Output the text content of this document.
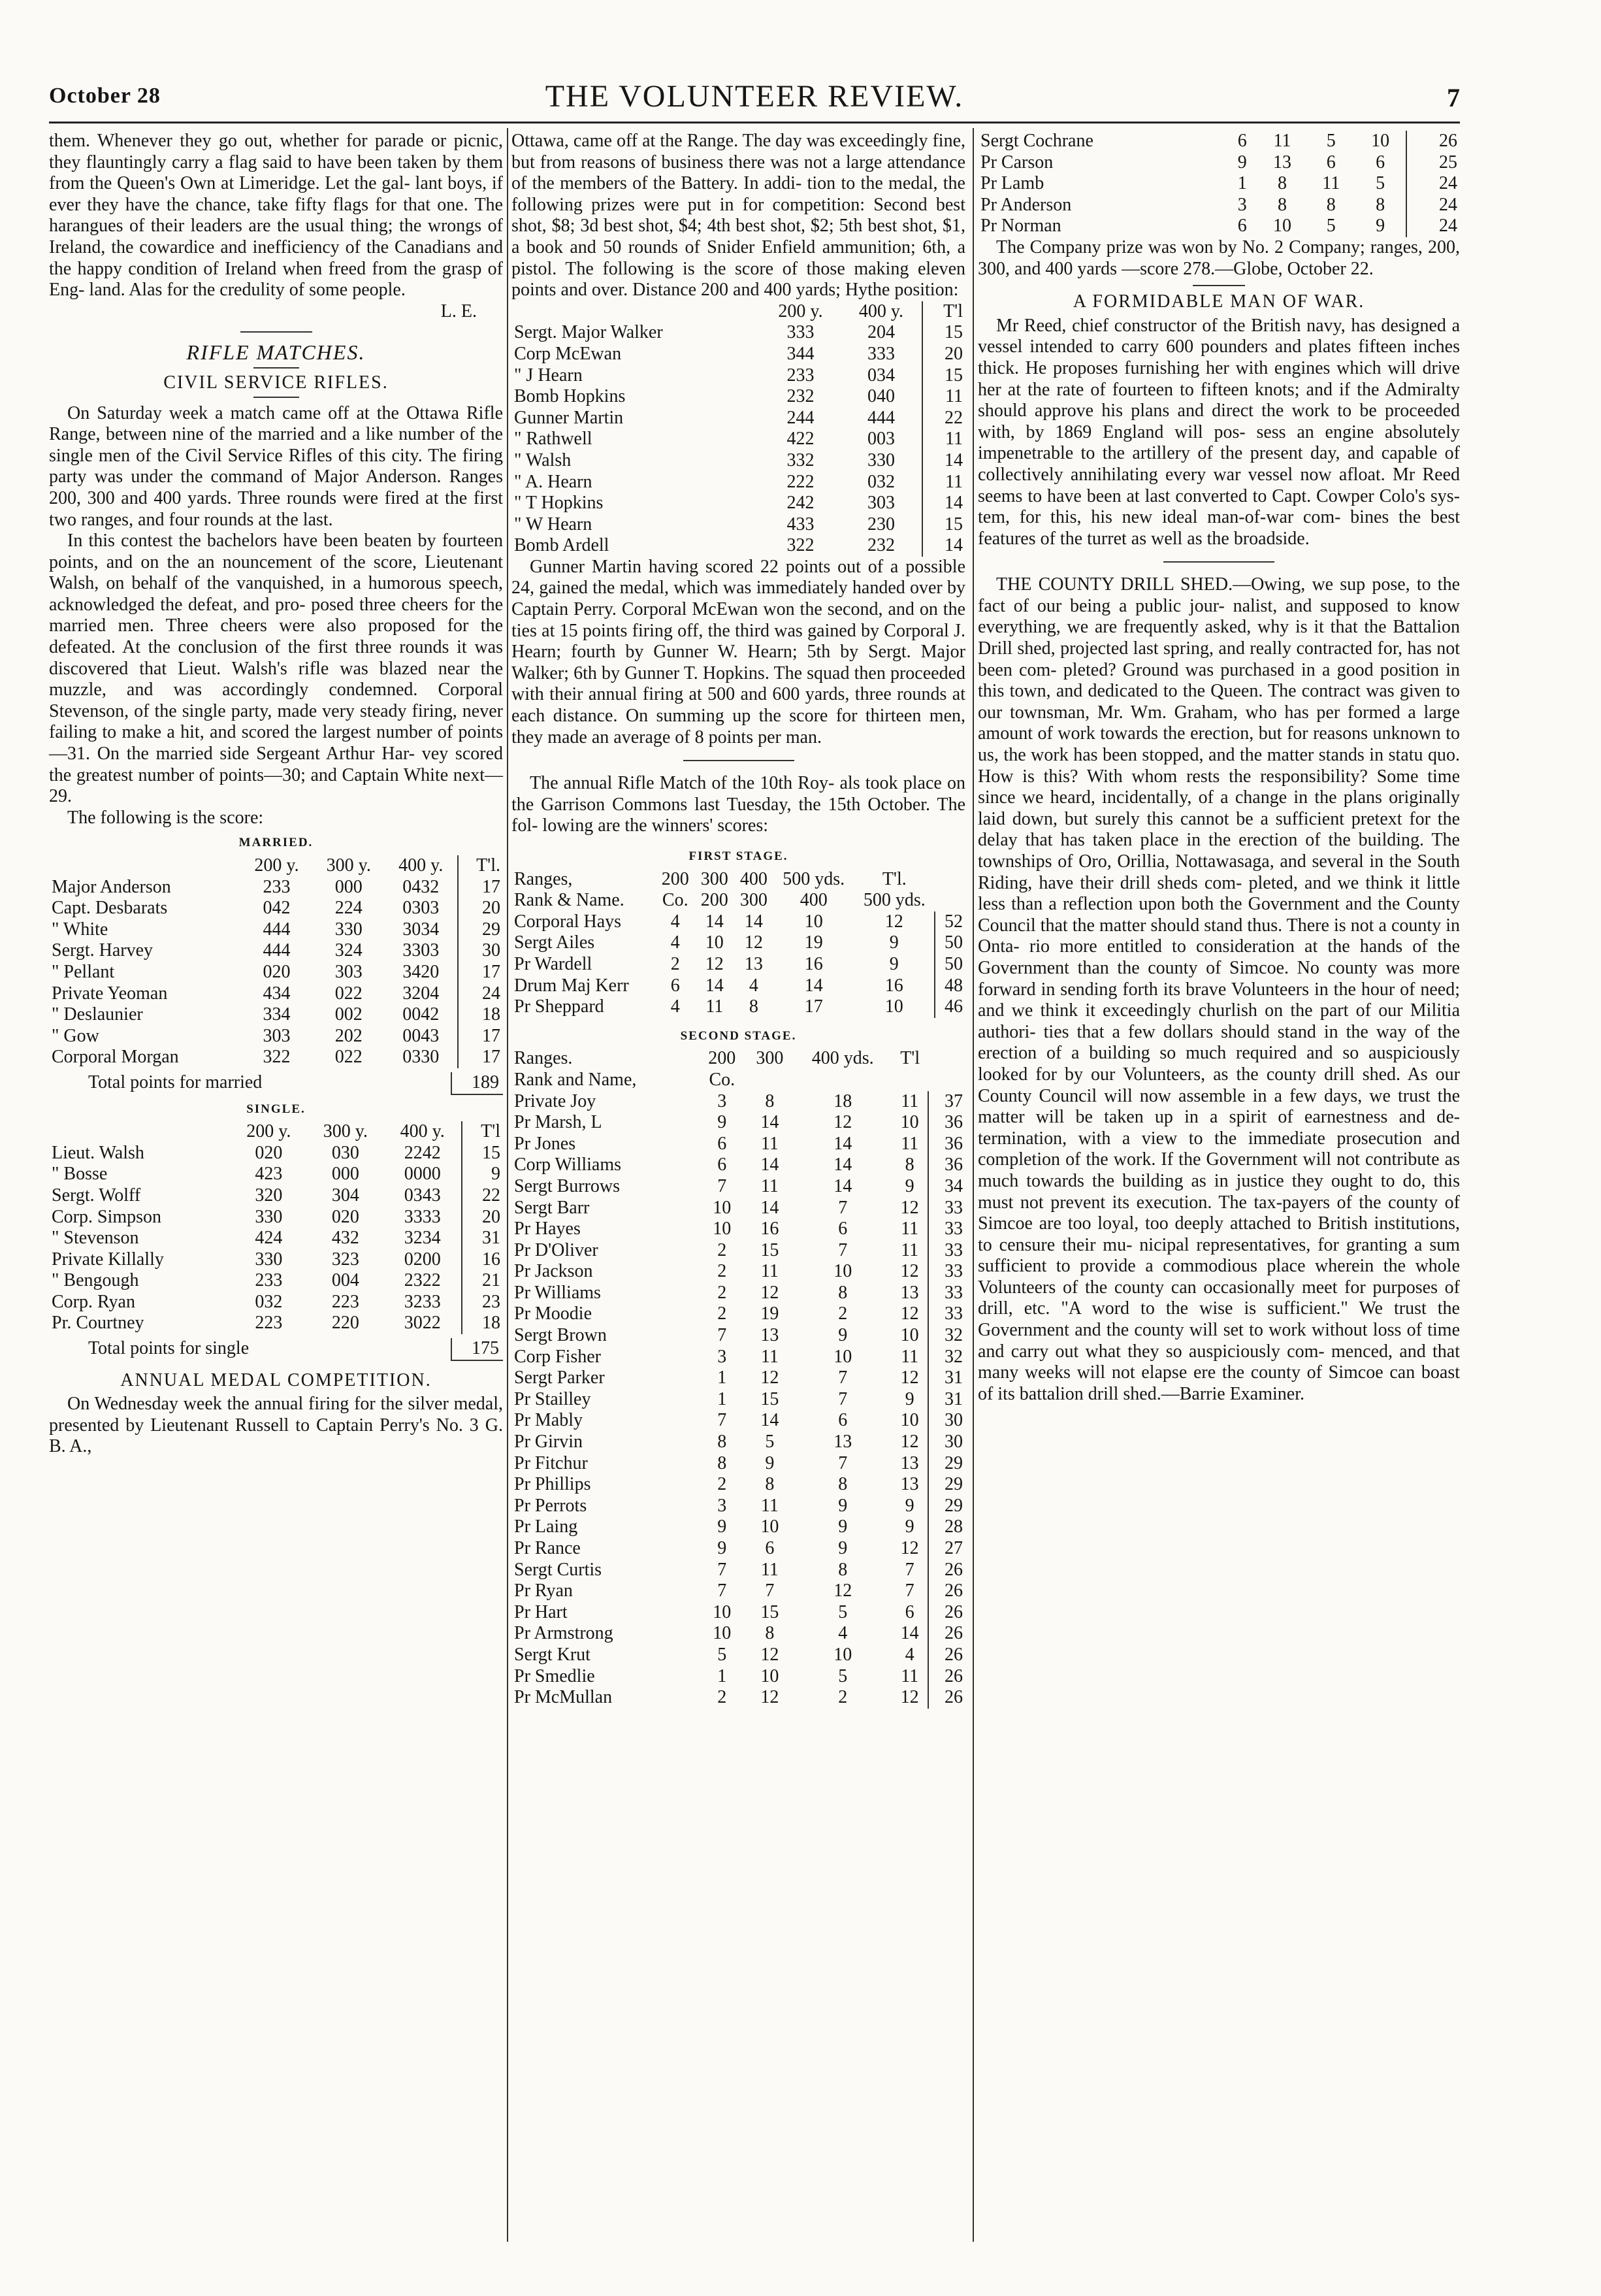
October 28	THE VOLUNTEER REVIEW.	7

them. Whenever they go out, whether for parade or picnic, they flauntingly carry a flag said to have been taken by them from the Queen's Own at Limeridge. Let the gal- lant boys, if ever they have the chance, take fifty flags for that one. The harangues of their leaders are the usual thing; the wrongs of Ireland, the cowardice and inefficiency of the Canadians and the happy condition of Ireland when freed from the grasp of Eng- land. Alas for the credulity of some people.

L. E.

RIFLE MATCHES.
CIVIL SERVICE RIFLES.

On Saturday week a match came off at the Ottawa Rifle Range, between nine of the married and a like number of the single men of the Civil Service Rifles of this city. The firing party was under the command of Major Anderson. Ranges 200, 300 and 400 yards. Three rounds were fired at the first two ranges, and four rounds at the last.

In this contest the bachelors have been beaten by fourteen points, and on the an nouncement of the score, Lieutenant Walsh, on behalf of the vanquished, in a humorous speech, acknowledged the defeat, and pro- posed three cheers for the married men. Three cheers were also proposed for the defeated. At the conclusion of the first three rounds it was discovered that Lieut. Walsh's rifle was blazed near the muzzle, and was accordingly condemned. Corporal Stevenson, of the single party, made very steady firing, never failing to make a hit, and scored the largest number of points—31. On the married side Sergeant Arthur Har- vey scored the greatest number of points—30; and Captain White next—29.

The following is the score:

MARRIED.
	200 y.	300 y.	400 y.	T'l.
Major Anderson	233	000	0432	17
Capt. Desbarats	042	224	0303	20
" White	444	330	3034	29
Sergt. Harvey	444	324	3303	30
" Pellant	020	303	3420	17
Private Yeoman	434	022	3204	24
" Deslaunier	334	002	0042	18
" Gow	303	202	0043	17
Corporal Morgan	322	022	0330	17
Total points for married	189
SINGLE.
	200 y.	300 y.	400 y.	T'l
Lieut. Walsh	020	030	2242	15
" Bosse	423	000	0000	9
Sergt. Wolff	320	304	0343	22
Corp. Simpson	330	020	3333	20
" Stevenson	424	432	3234	31
Private Killally	330	323	0200	16
" Bengough	233	004	2322	21
Corp. Ryan	032	223	3233	23
Pr. Courtney	223	220	3022	18
Total points for single	175
ANNUAL MEDAL COMPETITION.

On Wednesday week the annual firing for the silver medal, presented by Lieutenant Russell to Captain Perry's No. 3 G. B. A.,

Ottawa, came off at the Range. The day was exceedingly fine, but from reasons of business there was not a large attendance of the members of the Battery. In addi- tion to the medal, the following prizes were put in for competition: Second best shot, $8; 3d best shot, $4; 4th best shot, $2; 5th best shot, $1, a book and 50 rounds of Snider Enfield ammunition; 6th, a pistol. The following is the score of those making eleven points and over. Distance 200 and 400 yards; Hythe position:

	200 y.	400 y.	T'l
Sergt. Major Walker	333	204	15
Corp McEwan	344	333	20
" J Hearn	233	034	15
Bomb Hopkins	232	040	11
Gunner Martin	244	444	22
" Rathwell	422	003	11
" Walsh	332	330	14
" A. Hearn	222	032	11
" T Hopkins	242	303	14
" W Hearn	433	230	15
Bomb Ardell	322	232	14

Gunner Martin having scored 22 points out of a possible 24, gained the medal, which was immediately handed over by Captain Perry. Corporal McEwan won the second, and on the ties at 15 points firing off, the third was gained by Corporal J. Hearn; fourth by Gunner W. Hearn; 5th by Sergt. Major Walker; 6th by Gunner T. Hopkins. The squad then proceeded with their annual firing at 500 and 600 yards, three rounds at each distance. On summing up the score for thirteen men, they made an average of 8 points per man.

The annual Rifle Match of the 10th Roy- als took place on the Garrison Commons last Tuesday, the 15th October. The fol- lowing are the winners' scores:

FIRST STAGE.
Ranges,	200	300	400	500 yds.	T'l.	
Rank & Name.	Co.	200	300	400	500 yds.	
Corporal Hays	4	14	14	10	12	52
Sergt Ailes	4	10	12	19	9	50
Pr Wardell	2	12	13	16	9	50
Drum Maj Kerr	6	14	4	14	16	48
Pr Sheppard	4	11	8	17	10	46
SECOND STAGE.
Ranges.	200	300	400 yds.	T'l	
Rank and Name,	Co.				
Private Joy	3	8	18	11	37
Pr Marsh, L	9	14	12	10	36
Pr Jones	6	11	14	11	36
Corp Williams	6	14	14	8	36
Sergt Burrows	7	11	14	9	34
Sergt Barr	10	14	7	12	33
Pr Hayes	10	16	6	11	33
Pr D'Oliver	2	15	7	11	33
Pr Jackson	2	11	10	12	33
Pr Williams	2	12	8	13	33
Pr Moodie	2	19	2	12	33
Sergt Brown	7	13	9	10	32
Corp Fisher	3	11	10	11	32
Sergt Parker	1	12	7	12	31
Pr Stailley	1	15	7	9	31
Pr Mably	7	14	6	10	30
Pr Girvin	8	5	13	12	30
Pr Fitchur	8	9	7	13	29
Pr Phillips	2	8	8	13	29
Pr Perrots	3	11	9	9	29
Pr Laing	9	10	9	9	28
Pr Rance	9	6	9	12	27
Sergt Curtis	7	11	8	7	26
Pr Ryan	7	7	12	7	26
Pr Hart	10	15	5	6	26
Pr Armstrong	10	8	4	14	26
Sergt Krut	5	12	10	4	26
Pr Smedlie	1	10	5	11	26
Pr McMullan	2	12	2	12	26
Sergt Cochrane	6	11	5	10	26
Pr Carson	9	13	6	6	25
Pr Lamb	1	8	11	5	24
Pr Anderson	3	8	8	8	24
Pr Norman	6	10	5	9	24

The Company prize was won by No. 2 Company; ranges, 200, 300, and 400 yards —score 278.—Globe, October 22.

A FORMIDABLE MAN OF WAR.

Mr Reed, chief constructor of the British navy, has designed a vessel intended to carry 600 pounders and plates fifteen inches thick. He proposes furnishing her with engines which will drive her at the rate of fourteen to fifteen knots; and if the Admiralty should approve his plans and direct the work to be proceeded with, by 1869 England will pos- sess an engine absolutely impenetrable to the artillery of the present day, and capable of collectively annihilating every war vessel now afloat. Mr Reed seems to have been at last converted to Capt. Cowper Colo's sys- tem, for this, his new ideal man-of-war com- bines the best features of the turret as well as the broadside.

THE COUNTY DRILL SHED.—Owing, we sup pose, to the fact of our being a public jour- nalist, and supposed to know everything, we are frequently asked, why is it that the Battalion Drill shed, projected last spring, and really contracted for, has not been com- pleted? Ground was purchased in a good position in this town, and dedicated to the Queen. The contract was given to our townsman, Mr. Wm. Graham, who has per formed a large amount of work towards the erection, but for reasons unknown to us, the work has been stopped, and the matter stands in statu quo. How is this? With whom rests the responsibility? Some time since we heard, incidentally, of a change in the plans originally laid down, but surely this cannot be a sufficient pretext for the delay that has taken place in the erection of the building. The townships of Oro, Orillia, Nottawasaga, and several in the South Riding, have their drill sheds com- pleted, and we think it little less than a reflection upon both the Government and the County Council that the matter should stand thus. There is not a county in Onta- rio more entitled to consideration at the hands of the Government than the county of Simcoe. No county was more forward in sending forth its brave Volunteers in the hour of need; and we think it exceedingly churlish on the part of our Militia authori- ties that a few dollars should stand in the way of the erection of a building so much required and so auspiciously looked for by our Volunteers, as the county drill shed. As our County Council will now assemble in a few days, we trust the matter will be taken up in a spirit of earnestness and de- termination, with a view to the immediate prosecution and completion of the work. If the Government will not contribute as much towards the building as in justice they ought to do, this must not prevent its execution. The tax-payers of the county of Simcoe are too loyal, too deeply attached to British institutions, to censure their mu- nicipal representatives, for granting a sum sufficient to provide a commodious place wherein the whole Volunteers of the county can occasionally meet for purposes of drill, etc. "A word to the wise is sufficient." We trust the Government and the county will set to work without loss of time and carry out what they so auspiciously com- menced, and that many weeks will not elapse ere the county of Simcoe can boast of its battalion drill shed.—Barrie Examiner.
